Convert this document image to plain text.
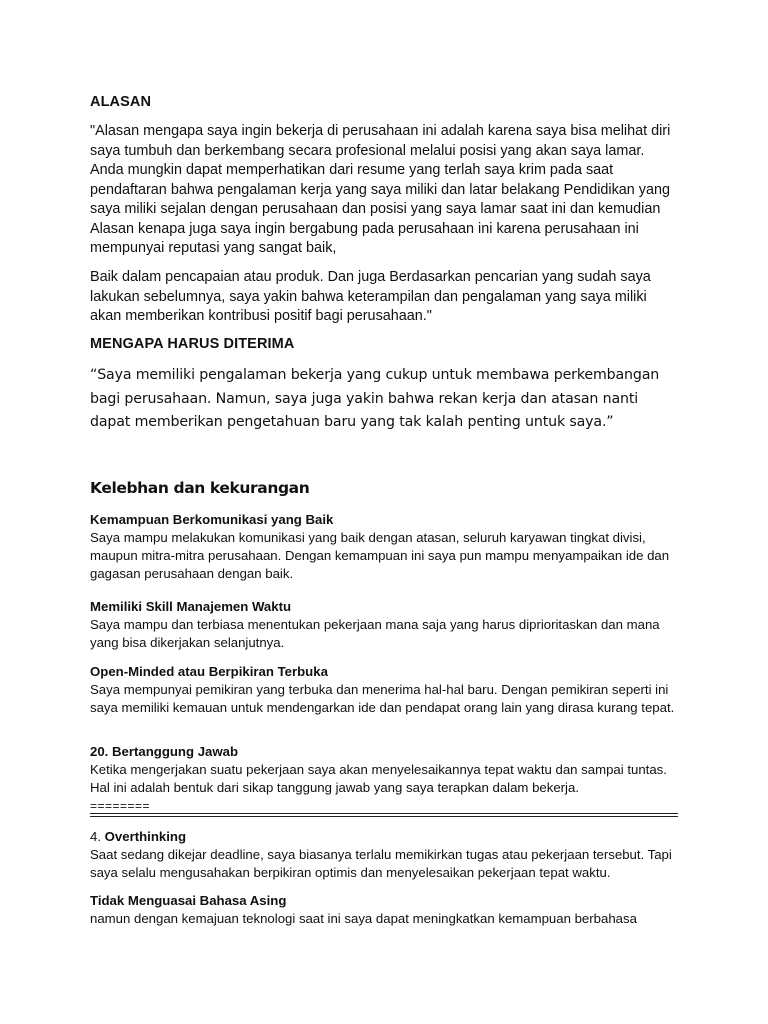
ALASAN
"Alasan mengapa saya ingin bekerja di perusahaan ini adalah karena saya bisa melihat diri saya tumbuh dan berkembang secara profesional melalui posisi yang akan saya lamar. Anda mungkin dapat memperhatikan dari resume yang terlah saya krim pada saat pendaftaran bahwa pengalaman kerja yang saya miliki dan latar belakang Pendidikan yang saya miliki sejalan dengan perusahaan dan posisi yang saya lamar saat ini dan kemudian Alasan kenapa juga saya ingin bergabung pada perusahaan ini karena perusahaan ini mempunyai reputasi yang sangat baik,
Baik dalam pencapaian atau produk. Dan juga Berdasarkan pencarian yang sudah saya lakukan sebelumnya, saya yakin bahwa keterampilan dan pengalaman yang saya miliki akan memberikan kontribusi positif bagi perusahaan."
MENGAPA HARUS DITERIMA
“Saya memiliki pengalaman bekerja yang cukup untuk membawa perkembangan bagi perusahaan. Namun, saya juga yakin bahwa rekan kerja dan atasan nanti dapat memberikan pengetahuan baru yang tak kalah penting untuk saya.”
Kelebhan dan kekurangan
Kemampuan Berkomunikasi yang Baik
Saya mampu melakukan komunikasi yang baik dengan atasan, seluruh karyawan tingkat divisi, maupun mitra-mitra perusahaan. Dengan kemampuan ini saya pun mampu menyampaikan ide dan gagasan perusahaan dengan baik.
Memiliki Skill Manajemen Waktu
Saya mampu dan terbiasa menentukan pekerjaan mana saja yang harus diprioritaskan dan mana yang bisa dikerjakan selanjutnya.
Open-Minded atau Berpikiran Terbuka
Saya mempunyai pemikiran yang terbuka dan menerima hal-hal baru. Dengan pemikiran seperti ini saya memiliki kemauan untuk mendengarkan ide dan pendapat orang lain yang dirasa kurang tepat.
20. Bertanggung Jawab
Ketika mengerjakan suatu pekerjaan saya akan menyelesaikannya tepat waktu dan sampai tuntas. Hal ini adalah bentuk dari sikap tanggung jawab yang saya terapkan dalam bekerja.
========
4. Overthinking
Saat sedang dikejar deadline, saya biasanya terlalu memikirkan tugas atau pekerjaan tersebut. Tapi saya selalu mengusahakan berpikiran optimis dan menyelesaikan pekerjaan tepat waktu.
Tidak Menguasai Bahasa Asing
namun dengan kemajuan teknologi saat ini saya dapat meningkatkan kemampuan berbahasa
